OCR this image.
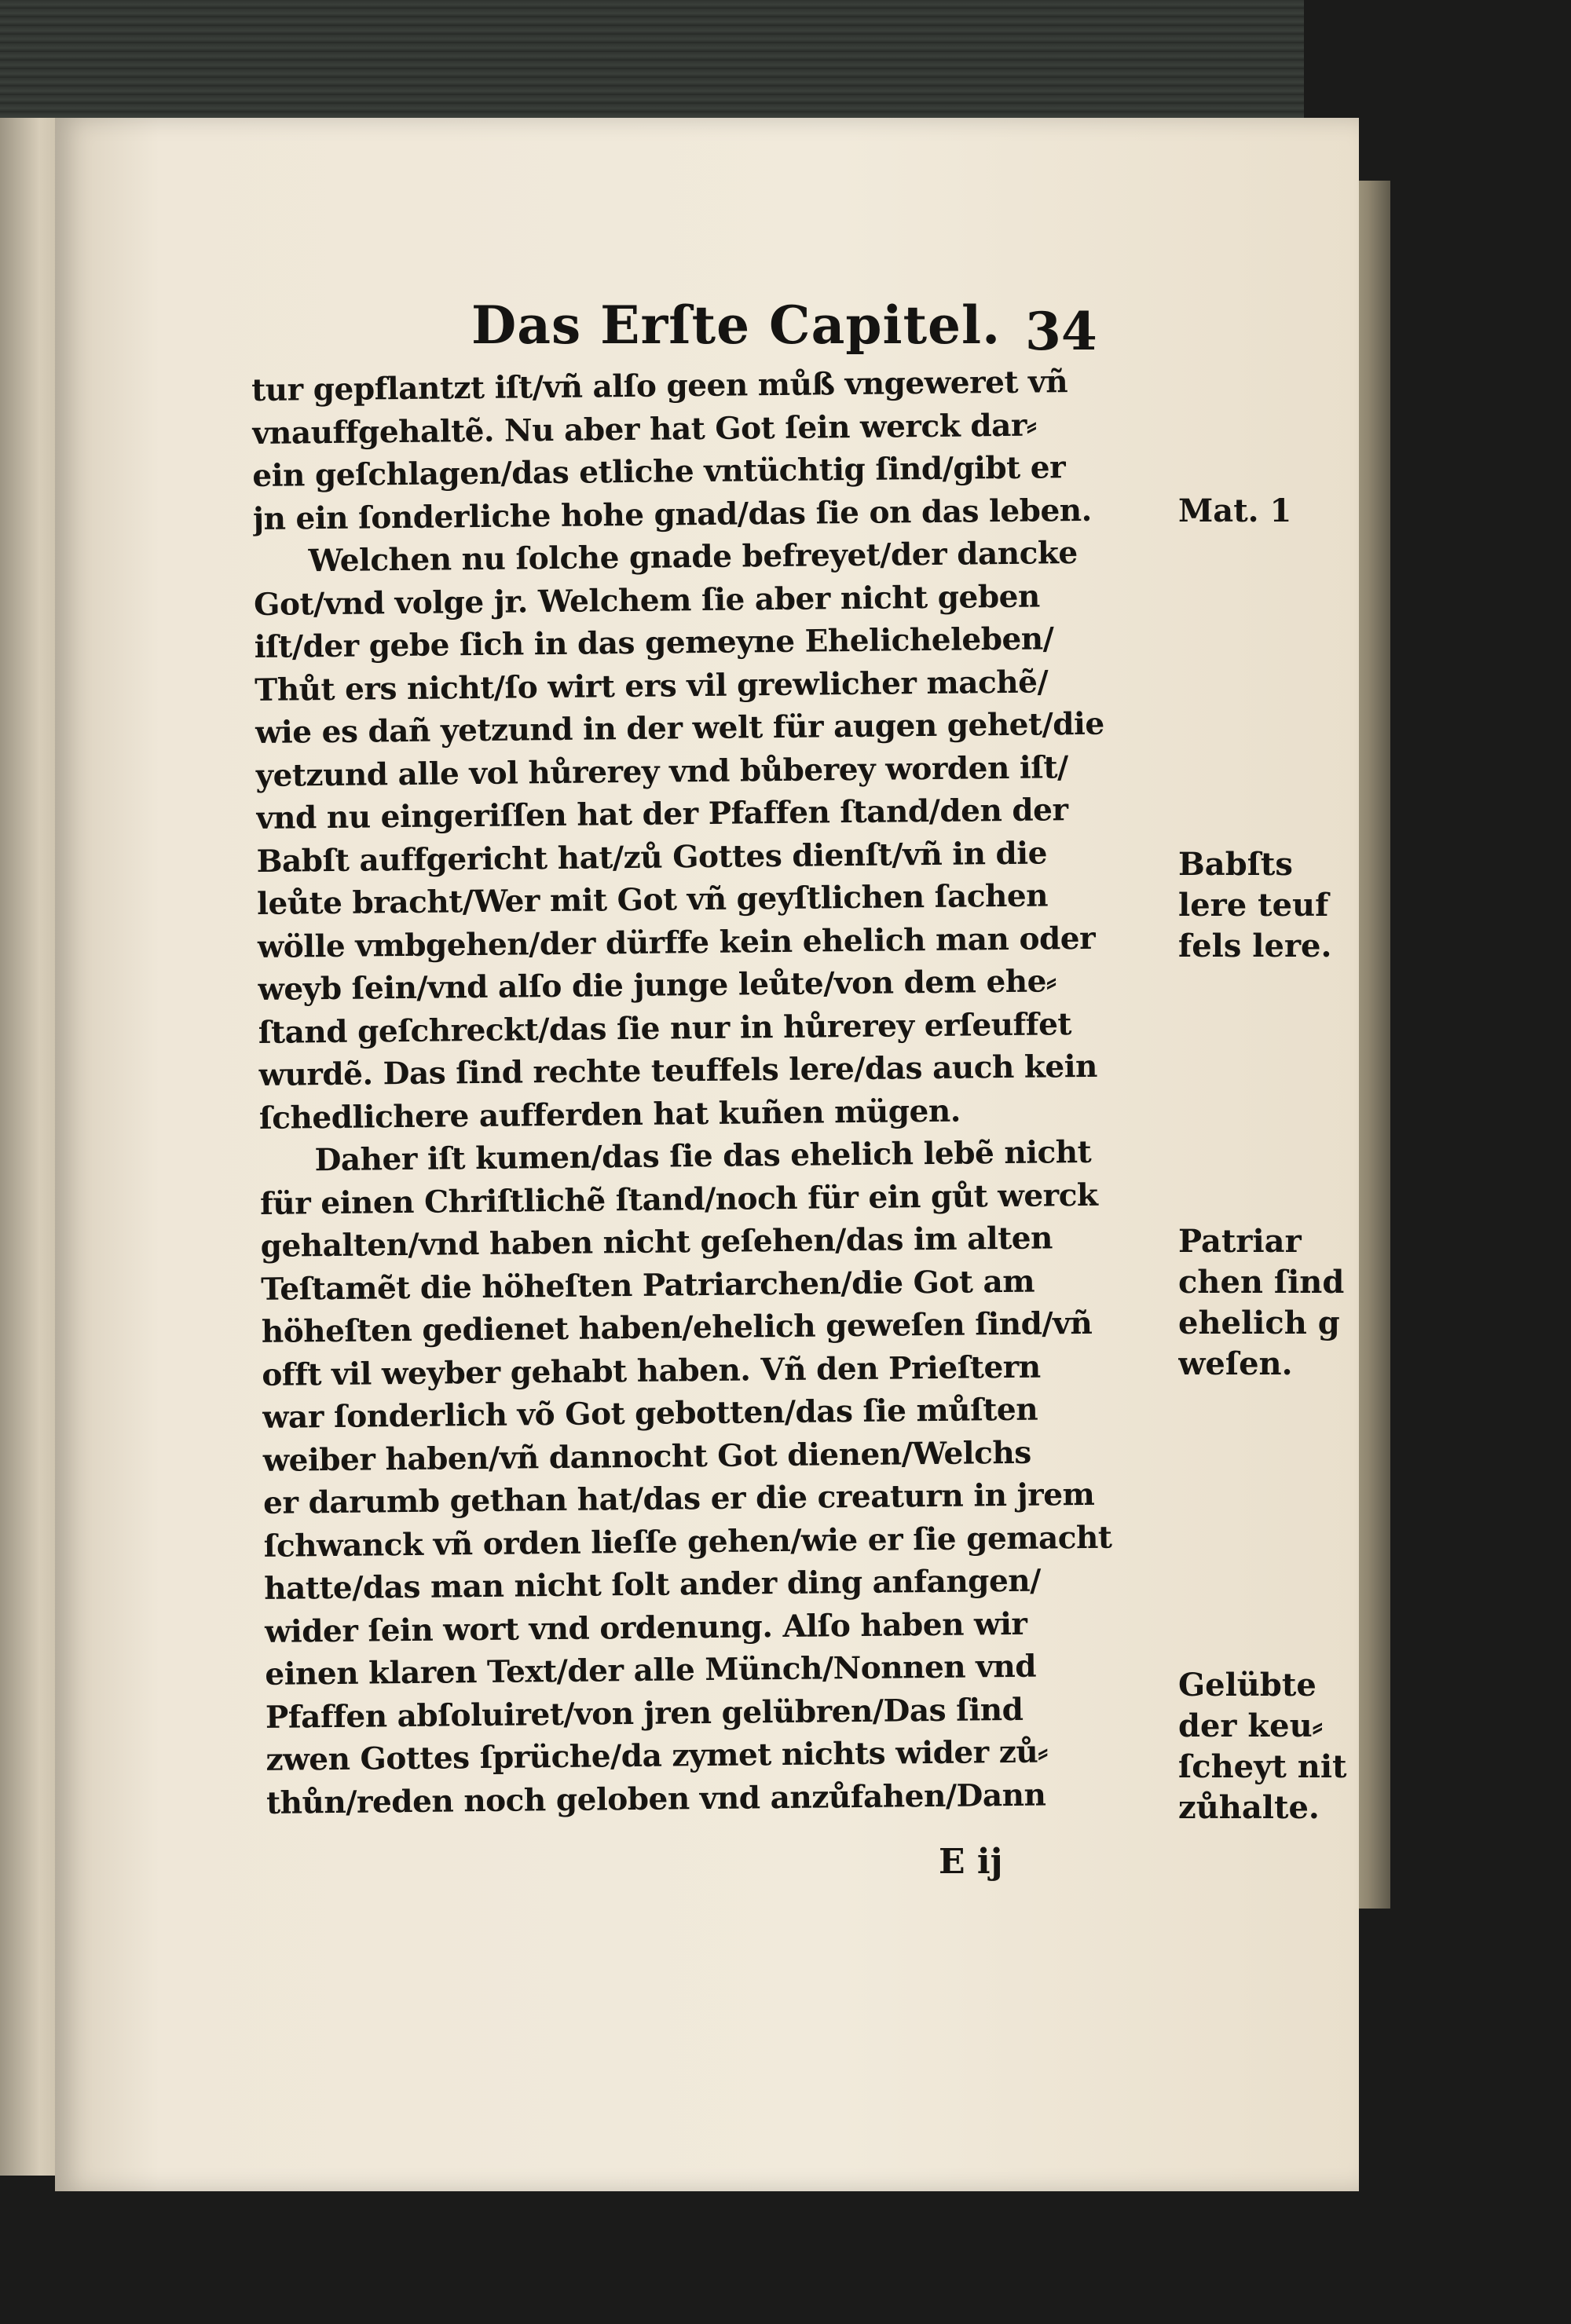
Das Erſte Capitel. 34
tur gepflantzt iſt/vñ alſo geen můß vngeweret vñ
vnauffgehaltẽ. Nu aber hat Got ſein werck dar⸗
ein geſchlagen/das etliche vntüchtig ſind/gibt er
jn ein ſonderliche hohe gnad/das ſie on das leben.
Welchen nu ſolche gnade befreyet/der dancke
Got/vnd volge jr. Welchem ſie aber nicht geben
iſt/der gebe ſich in das gemeyne Ehelicheleben/
Thůt ers nicht/ſo wirt ers vil grewlicher machẽ/
wie es dañ yetzund in der welt für augen gehet/die
yetzund alle vol hůrerey vnd bůberey worden iſt/
vnd nu eingeriſſen hat der Pfaffen ſtand/den der
Babſt auffgericht hat/zů Gottes dienſt/vñ in die
leůte bracht/Wer mit Got vñ geyſtlichen ſachen
wölle vmbgehen/der dürffe kein ehelich man oder
weyb ſein/vnd alſo die junge leůte/von dem ehe⸗
ſtand geſchreckt/das ſie nur in hůrerey erſeuffet
wurdẽ. Das ſind rechte teuffels lere/das auch kein
ſchedlichere aufferden hat kuñen mügen.
Daher iſt kumen/das ſie das ehelich lebẽ nicht
für einen Chriſtlichẽ ſtand/noch für ein gůt werck
gehalten/vnd haben nicht geſehen/das im alten
Teſtamẽt die höheſten Patriarchen/die Got am
höheſten gedienet haben/ehelich geweſen ſind/vñ
offt vil weyber gehabt haben. Vñ den Prieſtern
war ſonderlich võ Got gebotten/das ſie můſten
weiber haben/vñ dannocht Got dienen/Welchs
er darumb gethan hat/das er die creaturn in jrem
ſchwanck vñ orden lieſſe gehen/wie er ſie gemacht
hatte/das man nicht ſolt ander ding anfangen/
wider ſein wort vnd ordenung. Alſo haben wir
einen klaren Text/der alle Münch/Nonnen vnd
Pfaffen abſoluiret/von jren gelübren/Das ſind
zwen Gottes ſprüche/da zymet nichts wider zů⸗
thůn/reden noch geloben vnd anzůfahen/Dann
E ij
Mat. 1
Babſts
lere teuf
fels lere.
Patriar
chen ſind
ehelich g
weſen.
Gelübte
der keu⸗
ſcheyt nit
zůhalte.
